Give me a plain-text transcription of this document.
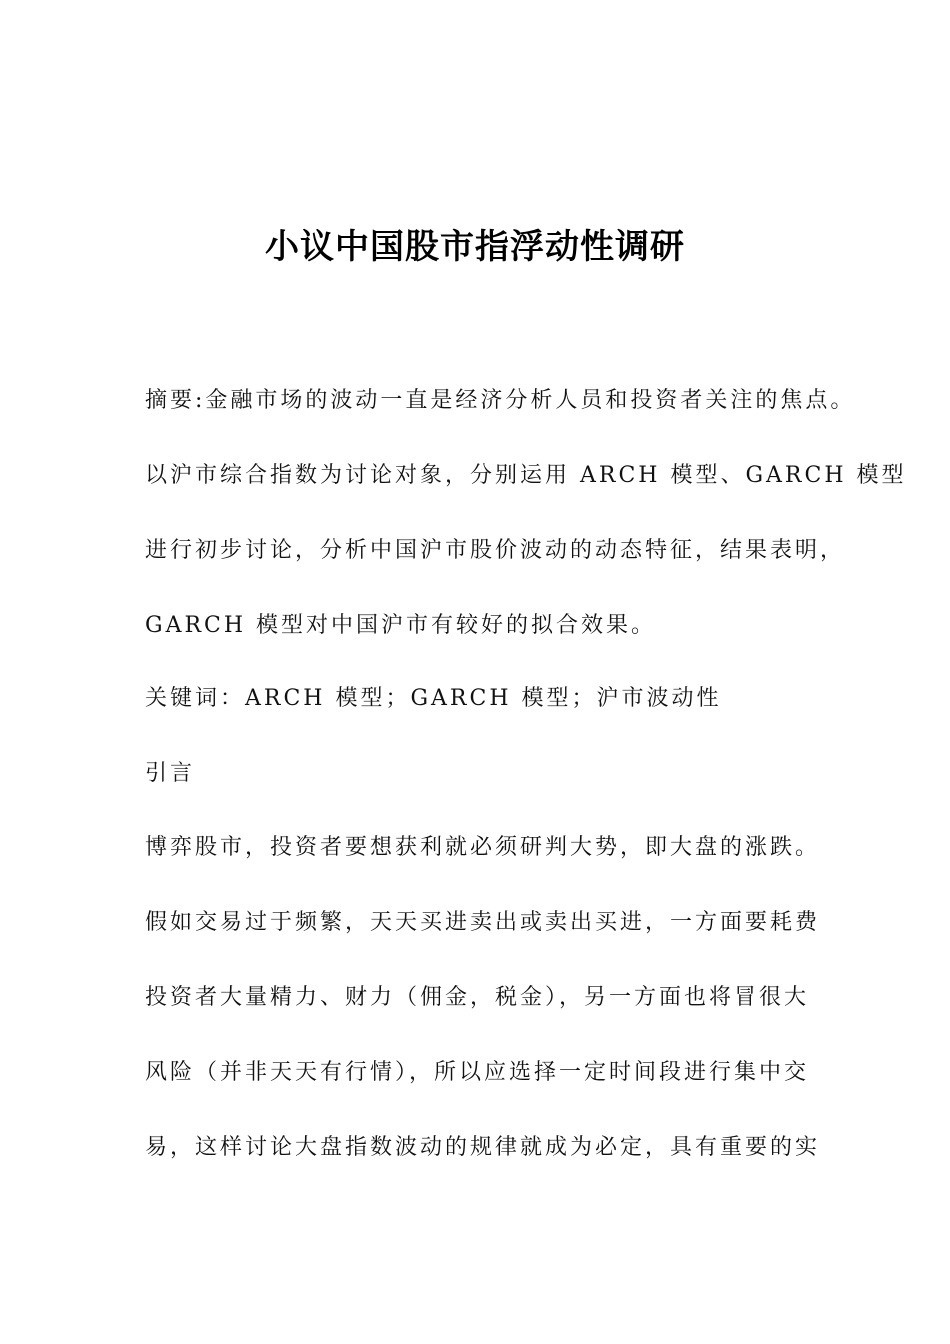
小议中国股市指浮动性调研
摘要:金融市场的波动一直是经济分析人员和投资者关注的焦点。
以沪市综合指数为讨论对象，分别运用 ARCH 模型、GARCH 模型
进行初步讨论，分析中国沪市股价波动的动态特征，结果表明，
GARCH 模型对中国沪市有较好的拟合效果。
关键词：ARCH 模型；GARCH 模型；沪市波动性
引言
博弈股市，投资者要想获利就必须研判大势，即大盘的涨跌。
假如交易过于频繁，天天买进卖出或卖出买进，一方面要耗费
投资者大量精力、财力（佣金，税金），另一方面也将冒很大
风险（并非天天有行情），所以应选择一定时间段进行集中交
易，这样讨论大盘指数波动的规律就成为必定，具有重要的实
